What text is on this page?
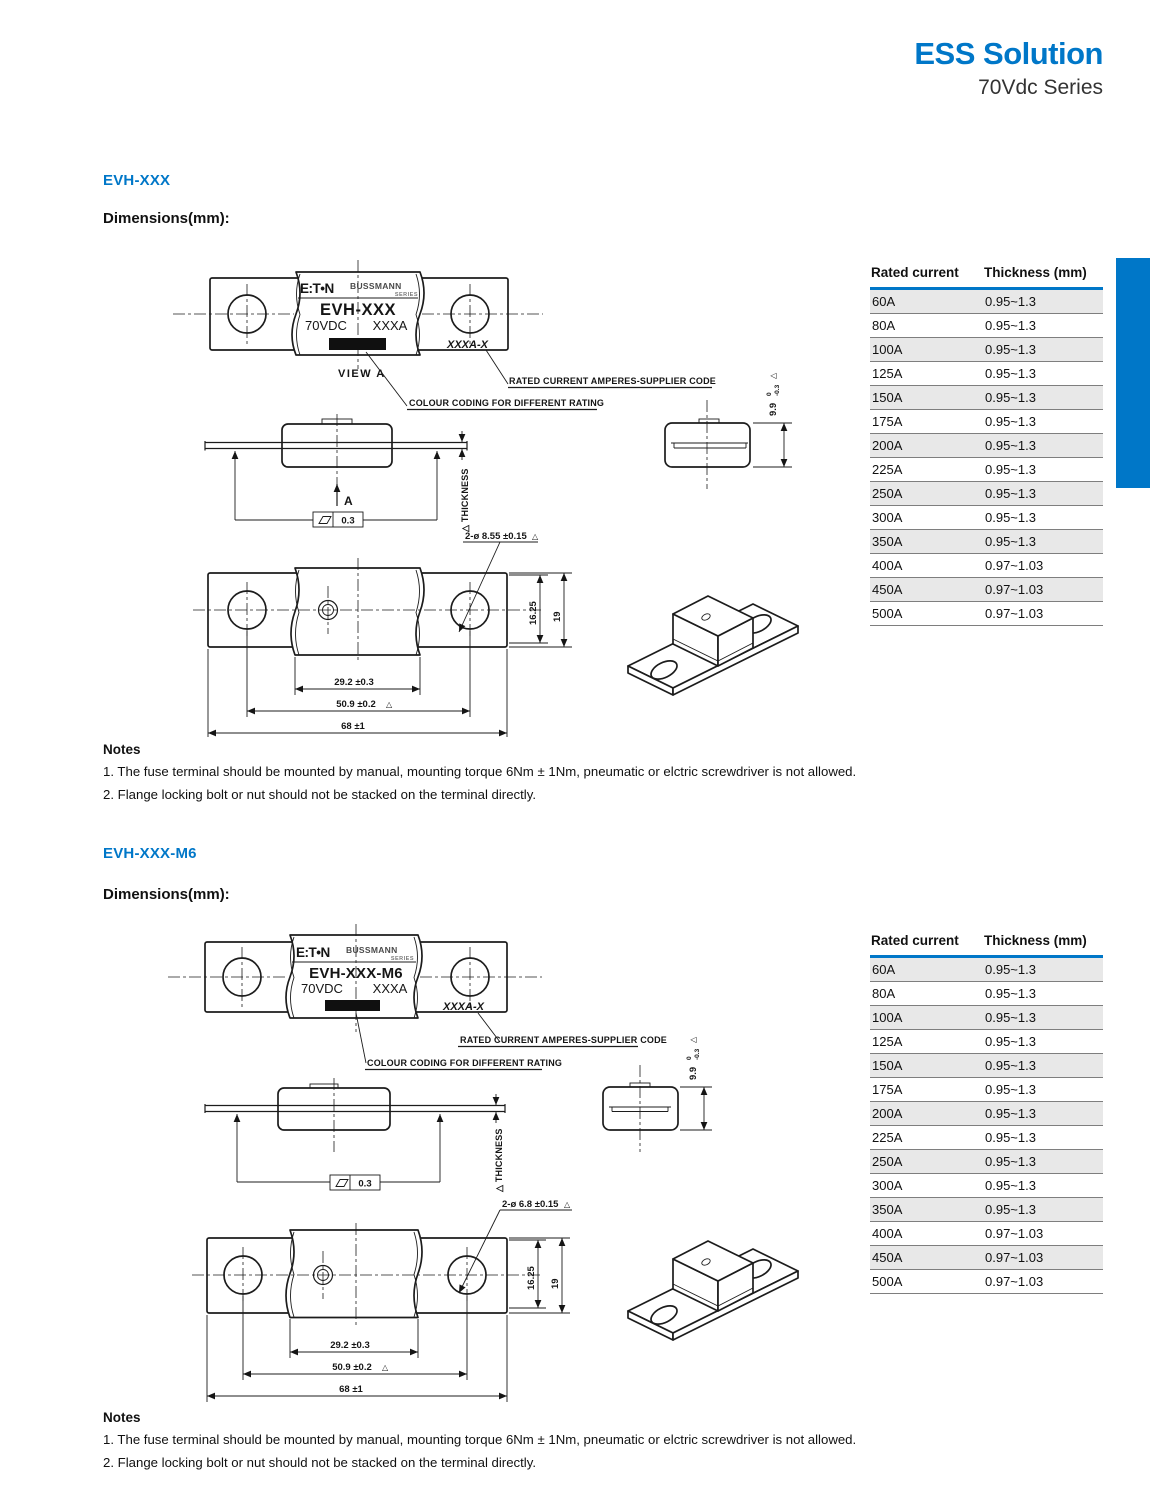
ESS Solution
70Vdc Series
EVH-XXX
Dimensions(mm):
E:T•N BUSSMANN
SERIES
EVH-XXX
70VDC XXXA
XXXA-X
VIEW A
RATED CURRENT AMPERES-SUPPLIER CODE
COLOUR CODING FOR DIFFERENT RATING
△ THICKNESS
0.3
A
9.9
0 -0.3
△
29.2 ±0.3
50.9 ±0.2 △
68 ±1
16.25 19
2-ø 8.55 ±0.15 △
Rated current	Thickness (mm)
60A	0.95~1.3
80A	0.95~1.3
100A	0.95~1.3
125A	0.95~1.3
150A	0.95~1.3
175A	0.95~1.3
200A	0.95~1.3
225A	0.95~1.3
250A	0.95~1.3
300A	0.95~1.3
350A	0.95~1.3
400A	0.97~1.03
450A	0.97~1.03
500A	0.97~1.03
Notes

1. The fuse terminal should be mounted by manual, mounting torque 6Nm ± 1Nm, pneumatic or elctric screwdriver is not allowed.

2. Flange locking bolt or nut should not be stacked on the terminal directly.

EVH-XXX-M6
Dimensions(mm):
E:T•N BUSSMANN
SERIES
EVH-XXX-M6
70VDC XXXA
XXXA-X
RATED CURRENT AMPERES-SUPPLIER CODE
COLOUR CODING FOR DIFFERENT RATING
△ THICKNESS
0.3
9.9
0 -0.3
△
29.2 ±0.3
50.9 ±0.2 △
68 ±1
16.25 19
2-ø 6.8 ±0.15 △
Rated current	Thickness (mm)
60A	0.95~1.3
80A	0.95~1.3
100A	0.95~1.3
125A	0.95~1.3
150A	0.95~1.3
175A	0.95~1.3
200A	0.95~1.3
225A	0.95~1.3
250A	0.95~1.3
300A	0.95~1.3
350A	0.95~1.3
400A	0.97~1.03
450A	0.97~1.03
500A	0.97~1.03
Notes

1. The fuse terminal should be mounted by manual, mounting torque 6Nm ± 1Nm, pneumatic or elctric screwdriver is not allowed.

2. Flange locking bolt or nut should not be stacked on the terminal directly.
